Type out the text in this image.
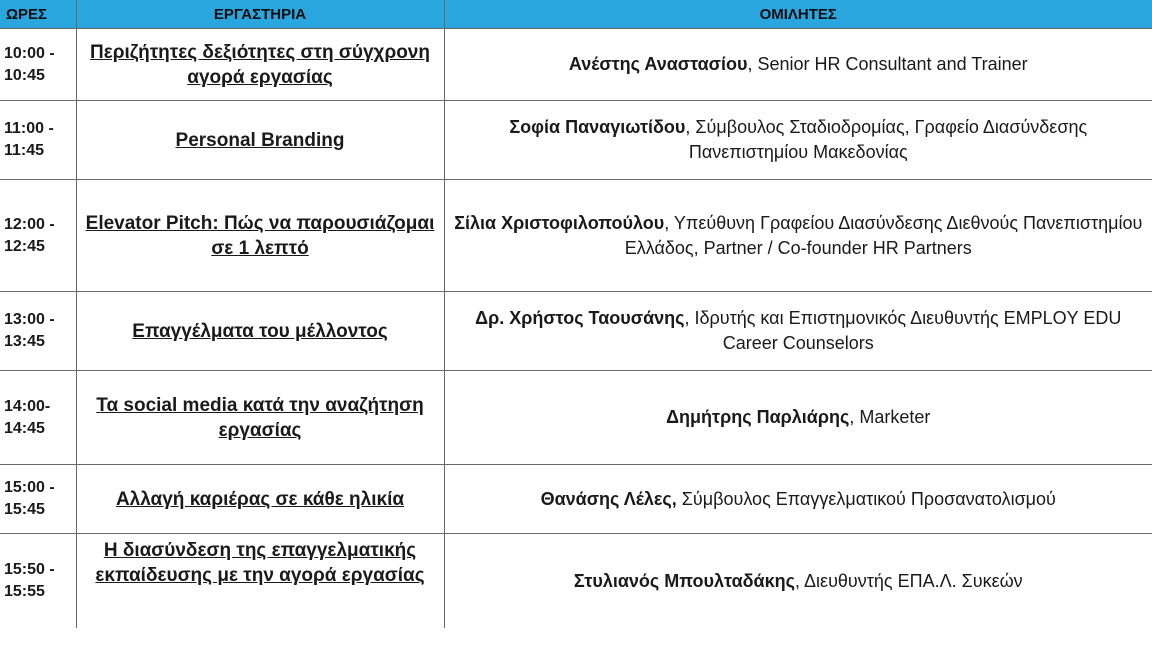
ΩΡΕΣ	ΕΡΓΑΣΤΗΡΙΑ	ΟΜΙΛΗΤΕΣ
10:00 -
10:45	Περιζήτητες δεξιότητες στη σύγχρονη αγορά εργασίας	Ανέστης Αναστασίου, Senior HR Consultant and Trainer
11:00 -
11:45	Personal Branding	Σοφία Παναγιωτίδου, Σύμβουλος Σταδιοδρομίας, Γραφείο Διασύνδεσης Πανεπιστημίου Μακεδονίας
12:00 -
12:45	Elevator Pitch: Πώς να παρουσιάζομαι σε 1 λεπτό	Σίλια Χριστοφιλοπούλου, Υπεύθυνη Γραφείου Διασύνδεσης Διεθνούς Πανεπιστημίου
Ελλάδος, Partner / Co-founder HR Partners
13:00 -
13:45	Επαγγέλματα του μέλλοντος	Δρ. Χρήστος Ταουσάνης, Ιδρυτής και Επιστημονικός Διευθυντής EMPLOY EDU Career Counselors
14:00-
14:45	Τα social media κατά την αναζήτηση εργασίας	Δημήτρης Παρλιάρης, Marketer
15:00 -
15:45	Αλλαγή καριέρας σε κάθε ηλικία	Θανάσης Λέλες, Σύμβουλος Επαγγελματικού Προσανατολισμού
15:50 -
15:55	Η διασύνδεση της επαγγελματικής εκπαίδευσης με την αγορά εργασίας	Στυλιανός Μπουλταδάκης, Διευθυντής ΕΠΑ.Λ. Συκεών
